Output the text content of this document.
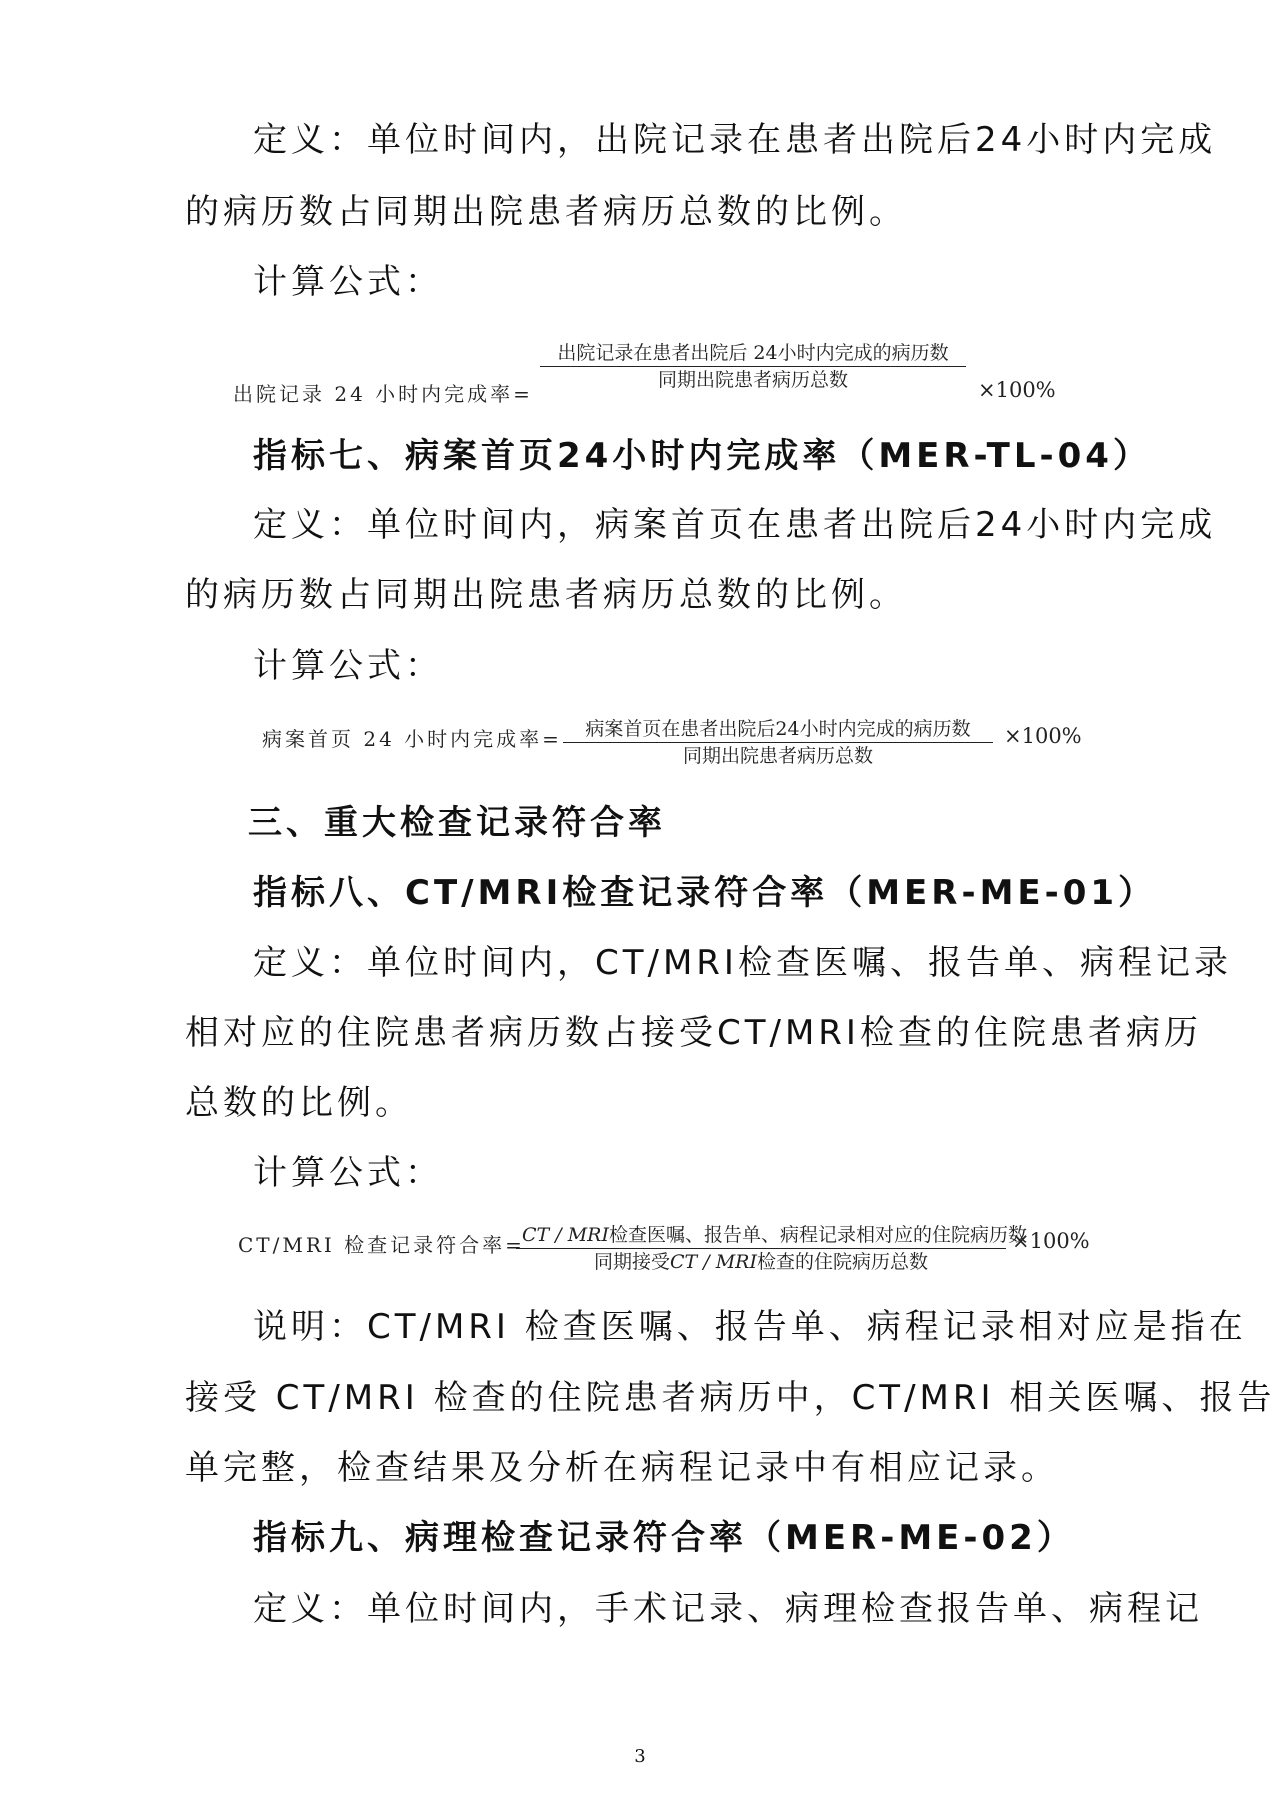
定义：单位时间内，出院记录在患者出院后24小时内完成
的病历数占同期出院患者病历总数的比例。
计算公式：
出院记录 24 小时内完成率=
出院记录在患者出院后 24小时内完成的病历数
同期出院患者病历总数	×100%
指标七、病案首页24小时内完成率（MER-TL-04）
定义：单位时间内，病案首页在患者出院后24小时内完成
的病历数占同期出院患者病历总数的比例。
计算公式：
病案首页 24 小时内完成率=	病案首页在患者出院后24小时内完成的病历数
同期出院患者病历总数
×100%
三、重大检查记录符合率
指标八、CT/MRI检查记录符合率（MER-ME-01）
定义：单位时间内，CT/MRI检查医嘱、报告单、病程记录
相对应的住院患者病历数占接受CT/MRI检查的住院患者病历
总数的比例。
计算公式：
CT/MRI 检查记录符合率=
CT / MRI检查医嘱、报告单、病程记录相对应的住院病历数
同期接受CT / MRI检查的住院病历总数
×100%
说明：CT/MRI 检查医嘱、报告单、病程记录相对应是指在
接受 CT/MRI 检查的住院患者病历中，CT/MRI 相关医嘱、报告
单完整，检查结果及分析在病程记录中有相应记录。
指标九、病理检查记录符合率（MER-ME-02）
定义：单位时间内，手术记录、病理检查报告单、病程记
3
